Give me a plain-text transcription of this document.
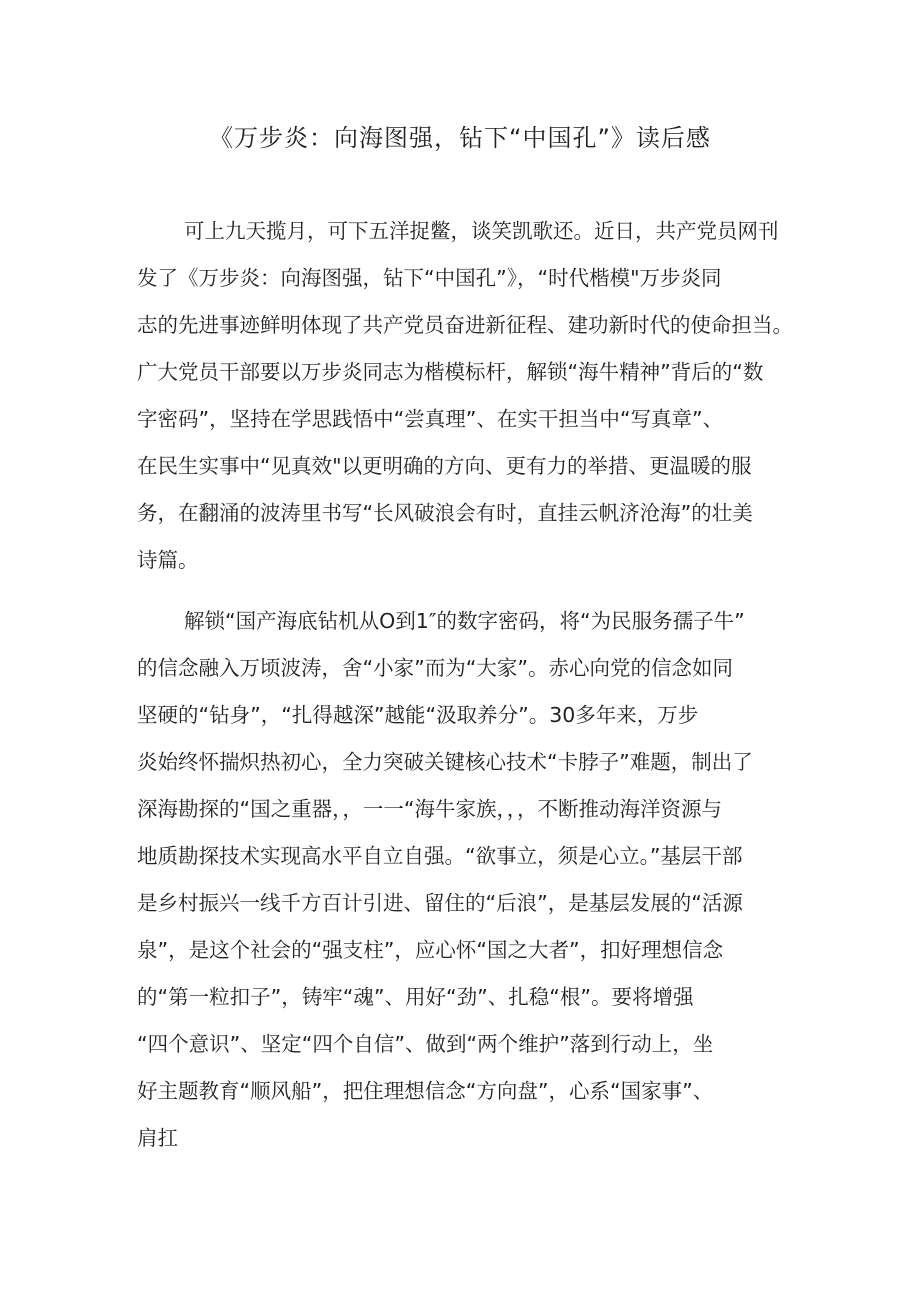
《万步炎：向海图强，钻下“中国孔”》读后感

可上九天揽月，可下五洋捉鳖，谈笑凯歌还。近日，共产党员网刊
发了《万步炎：向海图强，钻下“中国孔”》，“时代楷模"万步炎同
志的先进事迹鲜明体现了共产党员奋进新征程、建功新时代的使命担当。
广大党员干部要以万步炎同志为楷模标杆，解锁“海牛精神”背后的“数
字密码”，坚持在学思践悟中“尝真理”、在实干担当中“写真章”、
在民生实事中“见真效"以更明确的方向、更有力的举措、更温暖的服
务，在翻涌的波涛里书写“长风破浪会有时，直挂云帆济沧海”的壮美
诗篇。

解锁“国产海底钻机从O到1″的数字密码，将“为民服务孺子牛”
的信念融入万顷波涛，舍“小家”而为“大家”。赤心向党的信念如同
坚硬的“钻身”，“扎得越深”越能“汲取养分”。30多年来，万步
炎始终怀揣炽热初心，全力突破关键核心技术“卡脖子”难题，制出了
深海勘探的“国之重器，，一一“海牛家族，，，不断推动海洋资源与
地质勘探技术实现高水平自立自强。“欲事立，须是心立。”基层干部
是乡村振兴一线千方百计引进、留住的“后浪”，是基层发展的“活源
泉”，是这个社会的“强支柱”，应心怀“国之大者”，扣好理想信念
的“第一粒扣子”，铸牢“魂”、用好“劲”、扎稳“根”。要将增强
“四个意识”、坚定“四个自信”、做到“两个维护”落到行动上，坐
好主题教育“顺风船”，把住理想信念“方向盘”，心系“国家事”、
肩扛
